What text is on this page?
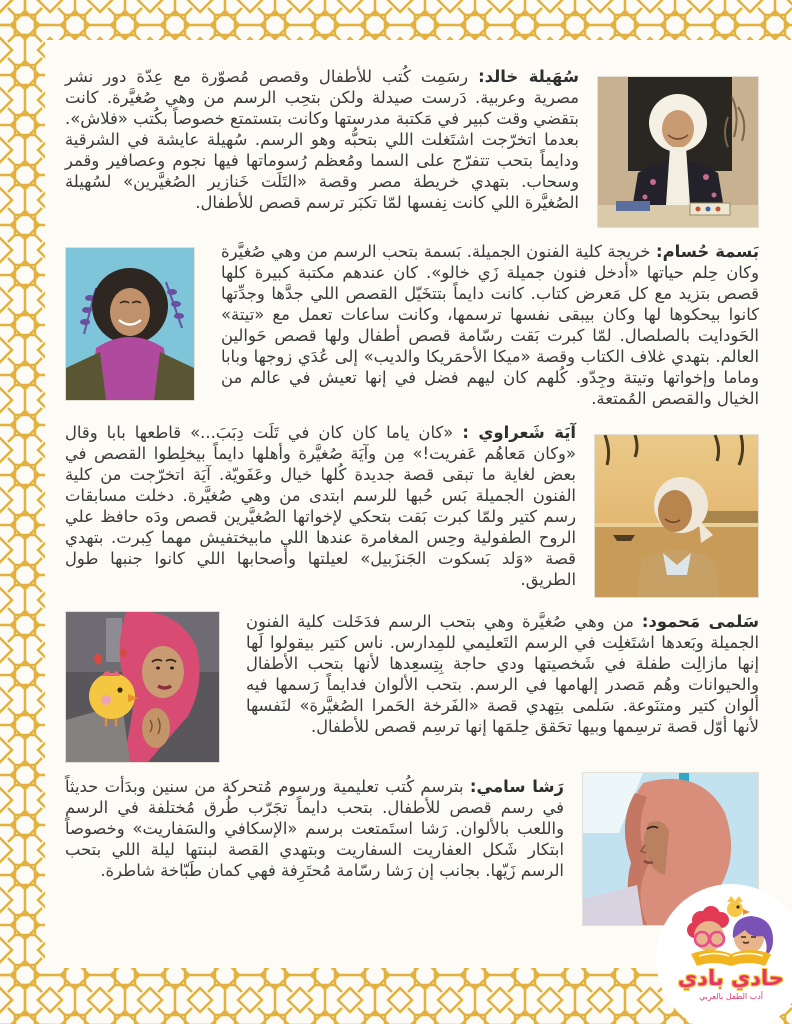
سُهَيلة خالد: رسَمِت كُتب للأطفال وقصص مُصوّرة مع عِدّة دور نشر مصرية وعربية. دَرست صيدلة ولكن بتحِب الرسم من وهي صُغيَّرة. كانت بتقضي وقت كبير في مَكتبة مدرستها وكانت بتستمتع خصوصاً بكُتب «فلاش». بعدما اتخرّجت اشتَغلت اللي بتحبُّه وهو الرسم. سُهيلة عايشة في الشرقية ودايماً بتحب تتفرّج على السما ومُعظم رُسوماتها فيها نجوم وعصافير وقمر وسحاب. بتهدي خريطة مصر وقصة «التَلَت خَنازير الصُغيَّرين» لسُهيلة الصُغيَّرة اللي كانت نِفسها لمّا تكبَر ترسم قصص للأطفال.

بَسمة حُسام: خريجة كلية الفنون الجميلة. بَسمة بتحب الرسم من وهي صُغيَّرة وكان حِلم حياتها «أدخل فنون جميلة زَي خالو». كان عندهم مكتبة كبيرة كلها قصص بتزيد مع كل مَعرض كتاب. كانت دايماً بتتخَيّل القصص اللي جدَّها وجدِّتها كانوا بيحكوها لها وكان بيبقى نفسها ترسمها، وكانت ساعات تعمل مع «تيتة» الحَودايت بالصلصال. لمّا كبرت بَقت رسّامة قصص أطفال ولها قصص حَوالين العالم. بتهدي غلاف الكتاب وقصة «ميكا الأحمَريكا والديب» إلى عُدَي زوجها وبابا وماما وإخواتها وتيتة وجِدّو. كُلهم كان ليهم فضل في إنها تعيش في عالم من الخيال والقصص المُمتعة.

آيَة شَعراوي : «كان ياما كان كان في تَلَت دِبَبَ...» قاطعها بابا وقال «وكان مَعاهُم عَفريت!» مِن وآيَة صُغيَّرة وأهلها دايماً بيخلِطوا القصص في بعض لغاية ما تبقى قصة جديدة كُلها خيال وعَفَويّة. آيَة اتخرّجت من كلية الفنون الجميلة بَس حُبها للرسم ابتدى من وهي صُغيَّرة. دخلت مسابقات رسم كتير ولمّا كبرت بَقت بتحكي لإخواتها الصُغيَّرين قصص ودَه حافظ علي الروح الطفولية وحِس المغامرة عندها اللي مابيختفيش مهما كِبرت. بتهدي قصة «وَلد بَسكوت الجَنزَبيل» لعيلتها وأصحابها اللي كانوا جنبها طول الطريق.

سَلمى مَحمود: من وهي صُغيَّرة وهي بتحب الرسم فدَخَلت كلية الفنون الجميلة وبَعدها اشتَغلِت في الرسم التَعليمي للمِدارس. ناس كتير بيقولوا لَها إنها مازالِت طفلة في شَخصيتها ودي حاجة بِتِسعِدها لأنها بتحب الأطفال والحيوانات وهُم مَصدر إلهامها في الرسم. بتحب الألوان فدايماً رَسمها فيه ألوان كتير ومتنَوعة. سَلمى بتِهدي قصة «الفَرخة الحَمرا الصُغيَّرة» لنَفسها لأنها أوّل قصة ترسِمها وبيها تحَقق حِلمَها إنها ترسِم قصص للأطفال.

رَشا سامي: بترسم كُتب تعليمية ورسوم مُتحركة من سنين وبدَأت حديثاً في رسم قصص للأطفال. بتحب دايماً تجَرّب طُرق مُختلفة في الرسم واللعب بالألوان. رَشا استَمتعت برسم «الإسكافي والسَفاريت» وخصوصاً ابتكار شَكل العفاريت السفاريت وبتهدي القصة لبنتها ليلة اللي بتحب الرسم زَيّها. بجانب إن رَشا رسّامة مُحتَرِفة فهي كمان طَبّاخة شاطرة.

حادي بادي
أدب الطفل بالعربي
